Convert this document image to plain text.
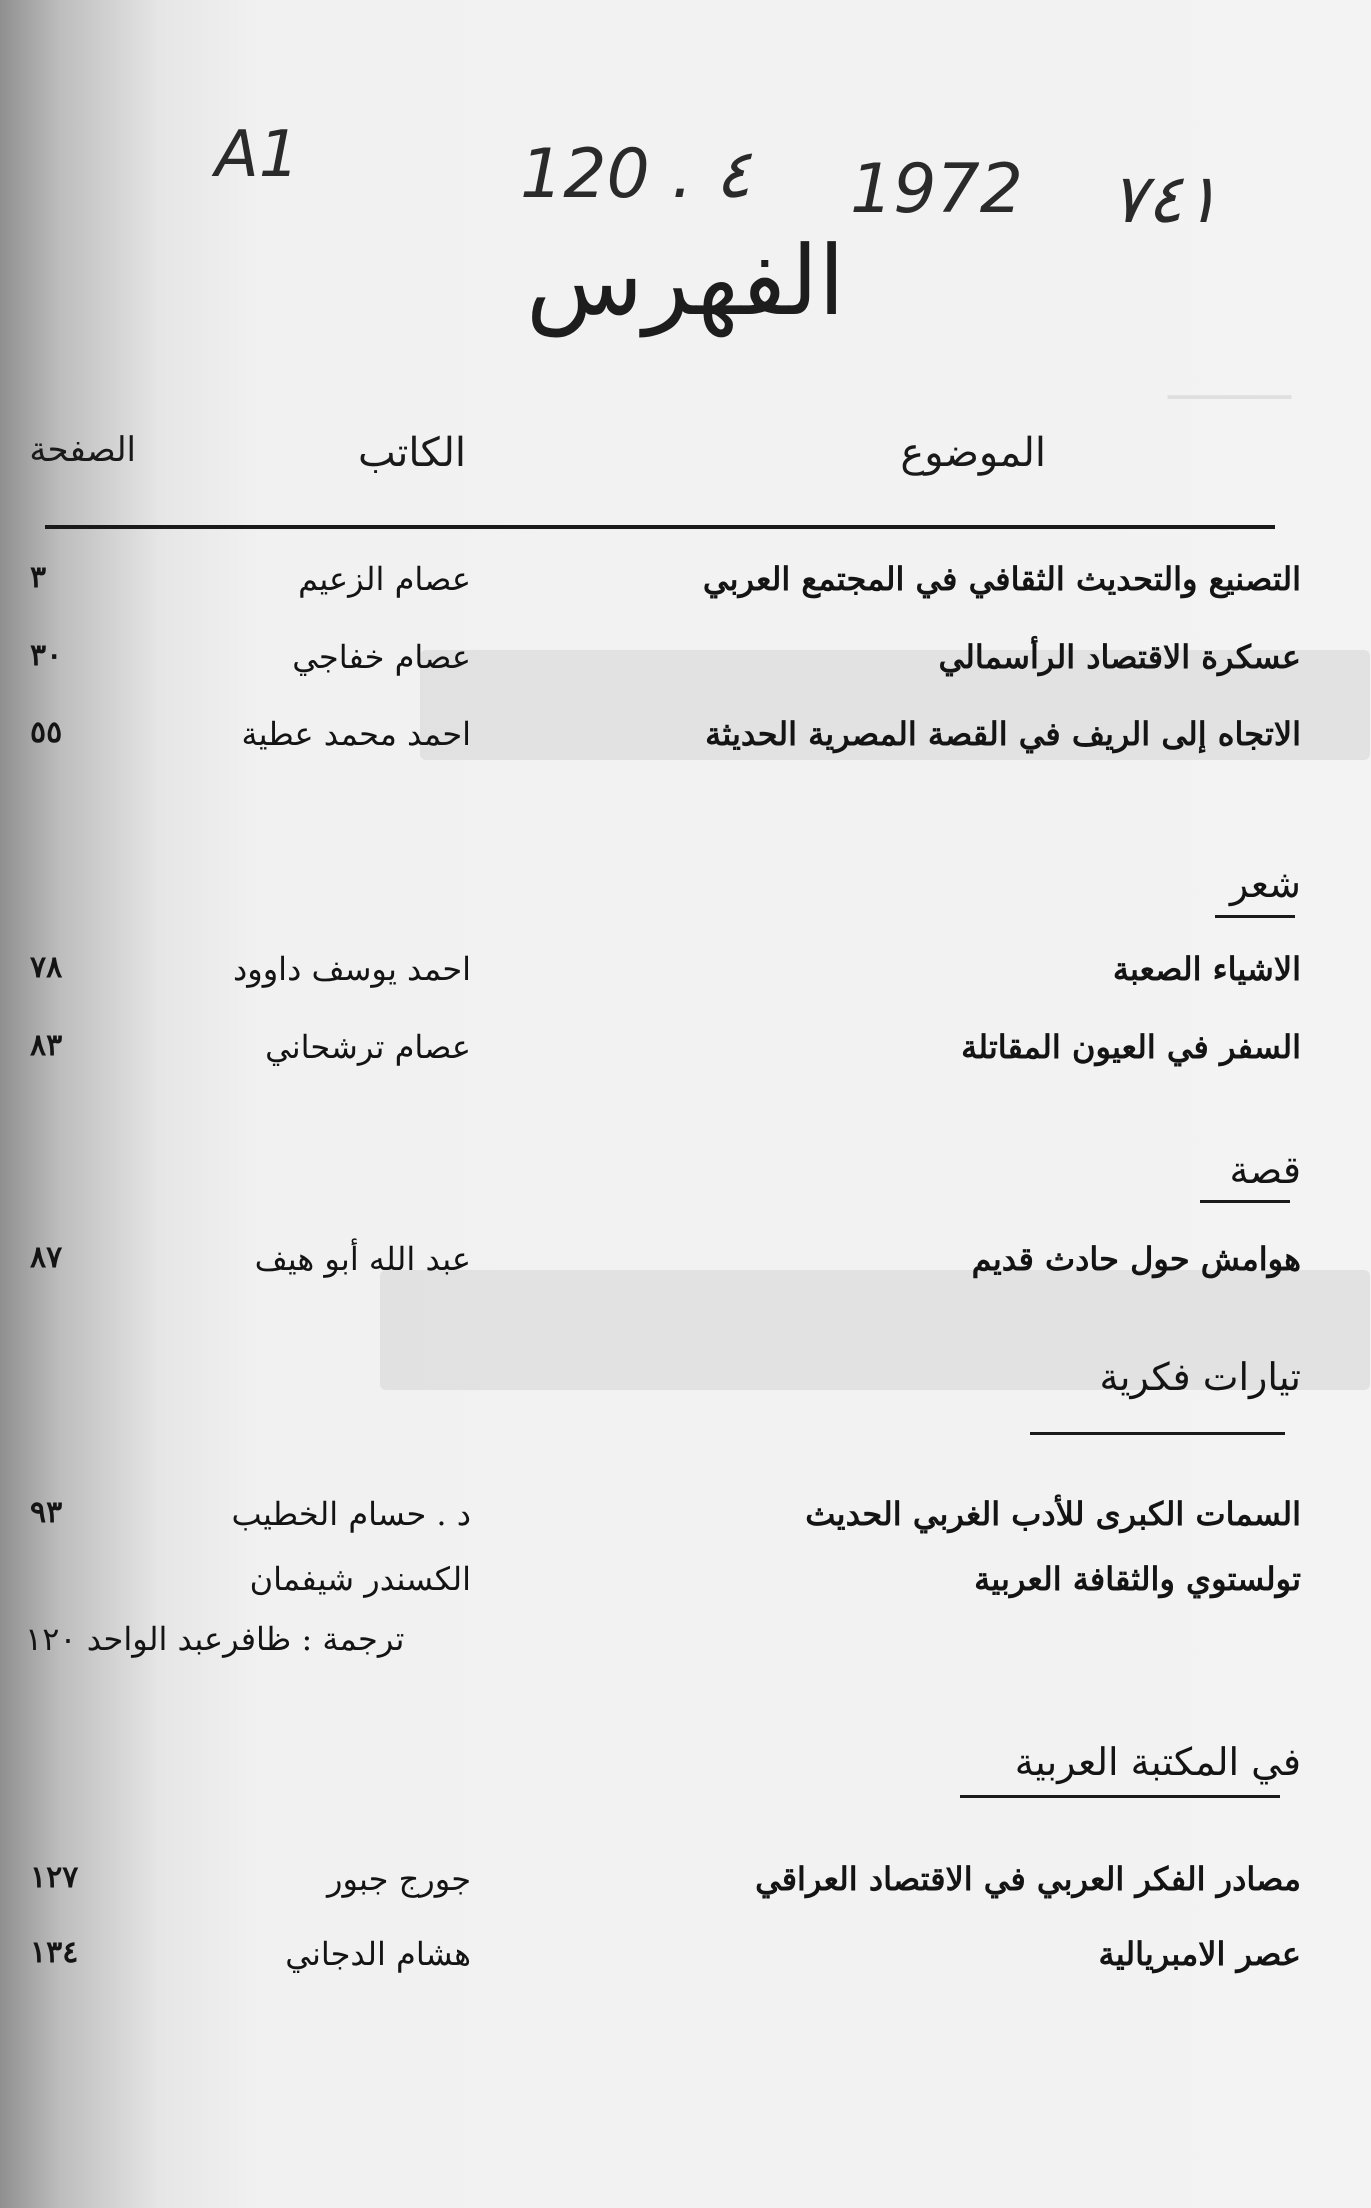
ــــــــــ
A1	120 . ٤ 1972 ٧٤١
الفهرس
الموضوع
الكاتب
الصفحة
التصنيع والتحديث الثقافي في المجتمع العربي
عصام الزعيم
٣
عسكرة الاقتصاد الرأسمالي
عصام خفاجي
٣٠
الاتجاه إلى الريف في القصة المصرية الحديثة
احمد محمد عطية
٥٥
شعر
الاشياء الصعبة
احمد يوسف داوود
٧٨
السفر في العيون المقاتلة
عصام ترشحاني
٨٣
قصة
هوامش حول حادث قديم
عبد الله أبو هيف
٨٧
تيارات فكرية
السمات الكبرى للأدب الغربي الحديث
د . حسام الخطيب
٩٣
تولستوي والثقافة العربية
الكسندر شيفمان
ترجمة : ظافرعبد الواحد ١٢٠
في المكتبة العربية
مصادر الفكر العربي في الاقتصاد العراقي
جورج جبور
١٢٧
عصر الامبريالية
هشام الدجاني
١٣٤
